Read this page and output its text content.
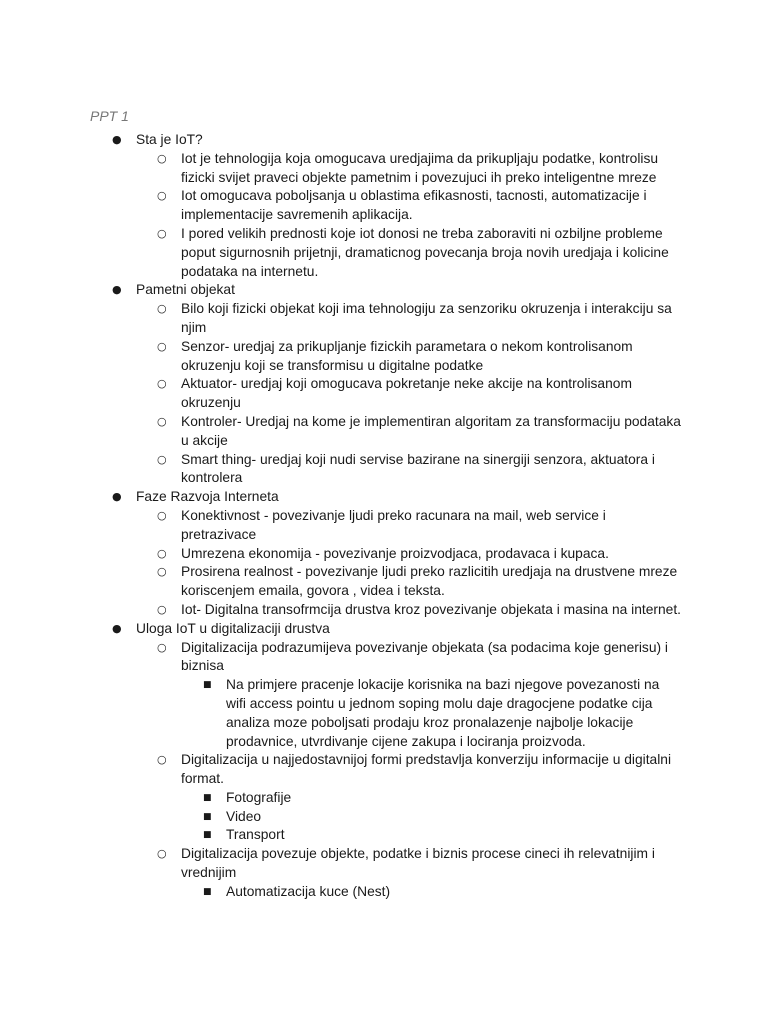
PPT 1
●	Sta je IoT?
○	Iot je tehnologija koja omogucava uredjajima da prikupljaju podatke, kontrolisu fizicki svijet praveci objekte pametnim i povezujuci ih preko inteligentne mreze
○	Iot omogucava poboljsanja u oblastima efikasnosti, tacnosti, automatizacije i implementacije savremenih aplikacija.
○	I pored velikih prednosti koje iot donosi ne treba zaboraviti ni ozbiljne probleme poput sigurnosnih prijetnji, dramaticnog povecanja broja novih uredjaja i kolicine podataka na internetu.
●	Pametni objekat
○	Bilo koji fizicki objekat koji ima tehnologiju za senzoriku okruzenja i interakciju sa njim
○	Senzor- uredjaj za prikupljanje fizickih parametara o nekom kontrolisanom okruzenju koji se transformisu u digitalne podatke
○	Aktuator- uredjaj koji omogucava pokretanje neke akcije na kontrolisanom okruzenju
○	Kontroler- Uredjaj na kome je implementiran algoritam za transformaciju podataka u akcije
○	Smart thing- uredjaj koji nudi servise bazirane na sinergiji senzora, aktuatora i kontrolera
●	Faze Razvoja Interneta
○	Konektivnost - povezivanje ljudi preko racunara na mail, web service i pretrazivace
○	Umrezena ekonomija - povezivanje proizvodjaca, prodavaca i kupaca.
○	Prosirena realnost - povezivanje ljudi preko razlicitih uredjaja na drustvene mreze koriscenjem emaila, govora , videa i teksta.
○	Iot- Digitalna transofrmcija drustva kroz povezivanje objekata i masina na internet.
●	Uloga IoT u digitalizaciji drustva
○	Digitalizacija podrazumijeva povezivanje objekata (sa podacima koje generisu) i biznisa
■	Na primjere pracenje lokacije korisnika na bazi njegove povezanosti na wifi access pointu u jednom soping molu daje dragocjene podatke cija analiza moze poboljsati prodaju kroz pronalazenje najbolje lokacije prodavnice, utvrdivanje cijene zakupa i lociranja proizvoda.
○	Digitalizacija u najjedostavnijoj formi predstavlja konverziju informacije u digitalni format.
■	Fotografije
■	Video
■	Transport
○	Digitalizacija povezuje objekte, podatke i biznis procese cineci ih relevatnijim i vrednijim
■	Automatizacija kuce (Nest)
